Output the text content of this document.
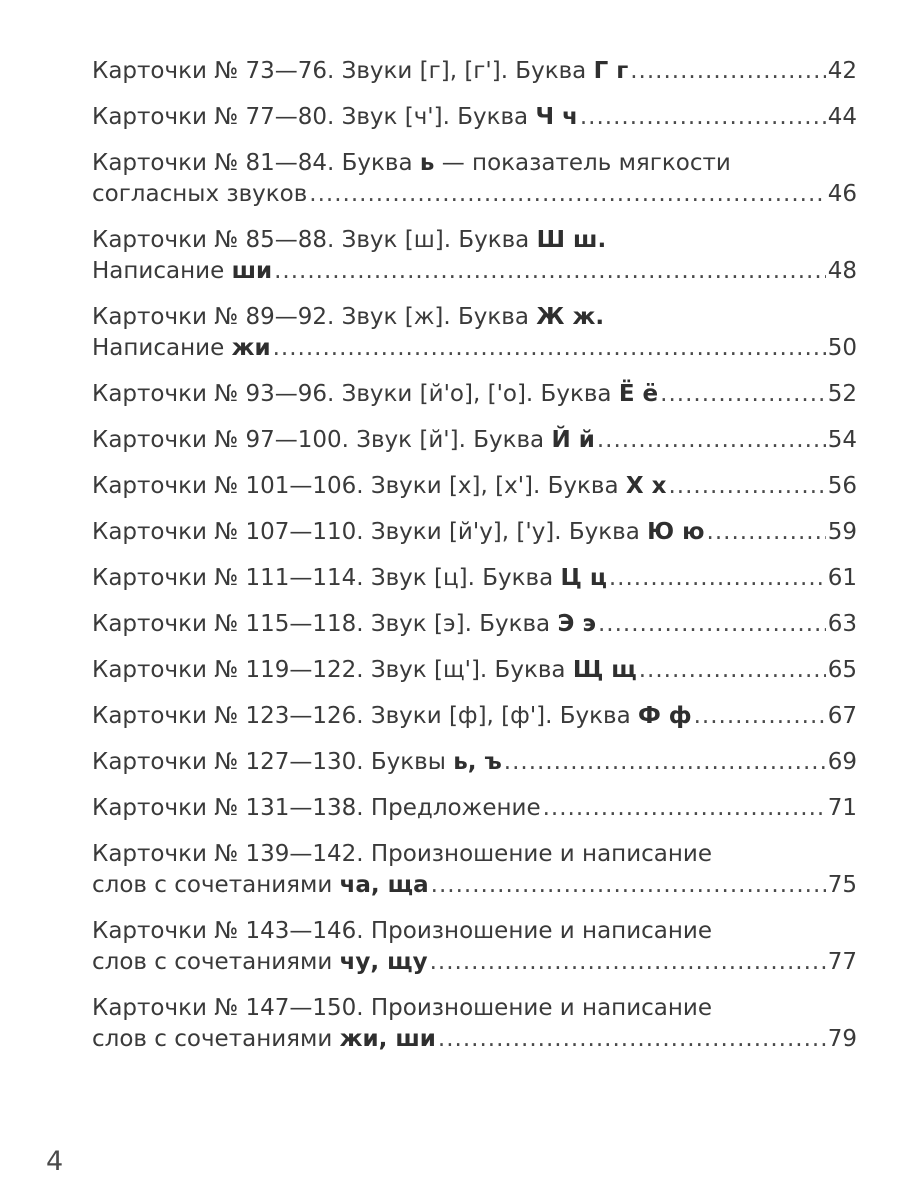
Карточки № 73—76. Звуки [г], [г']. Буква Г г .....	42
Карточки № 77—80. Звук [ч']. Буква Ч ч .....	44
Карточки № 81—84. Буква ь — показатель мягкости
согласных звуков .....	46
Карточки № 85—88. Звук [ш]. Буква Ш ш.
Написание ши .....	48
Карточки № 89—92. Звук [ж]. Буква Ж ж.
Написание жи .....	50
Карточки № 93—96. Звуки [й'о], ['о]. Буква Ё ё .....	52
Карточки № 97—100. Звук [й']. Буква Й й .....	54
Карточки № 101—106. Звуки [х], [х']. Буква Х х .....	56
Карточки № 107—110. Звуки [й'у], ['у]. Буква Ю ю .....	59
Карточки № 111—114. Звук [ц]. Буква Ц ц .....	61
Карточки № 115—118. Звук [э]. Буква Э э .....	63
Карточки № 119—122. Звук [щ']. Буква Щ щ .....	65
Карточки № 123—126. Звуки [ф], [ф']. Буква Ф ф .....	67
Карточки № 127—130. Буквы ь, ъ .....	69
Карточки № 131—138. Предложение .....	71
Карточки № 139—142. Произношение и написание
слов с сочетаниями ча, ща .....	75
Карточки № 143—146. Произношение и написание
слов с сочетаниями чу, щу .....	77
Карточки № 147—150. Произношение и написание
слов с сочетаниями жи, ши .....	79
4
